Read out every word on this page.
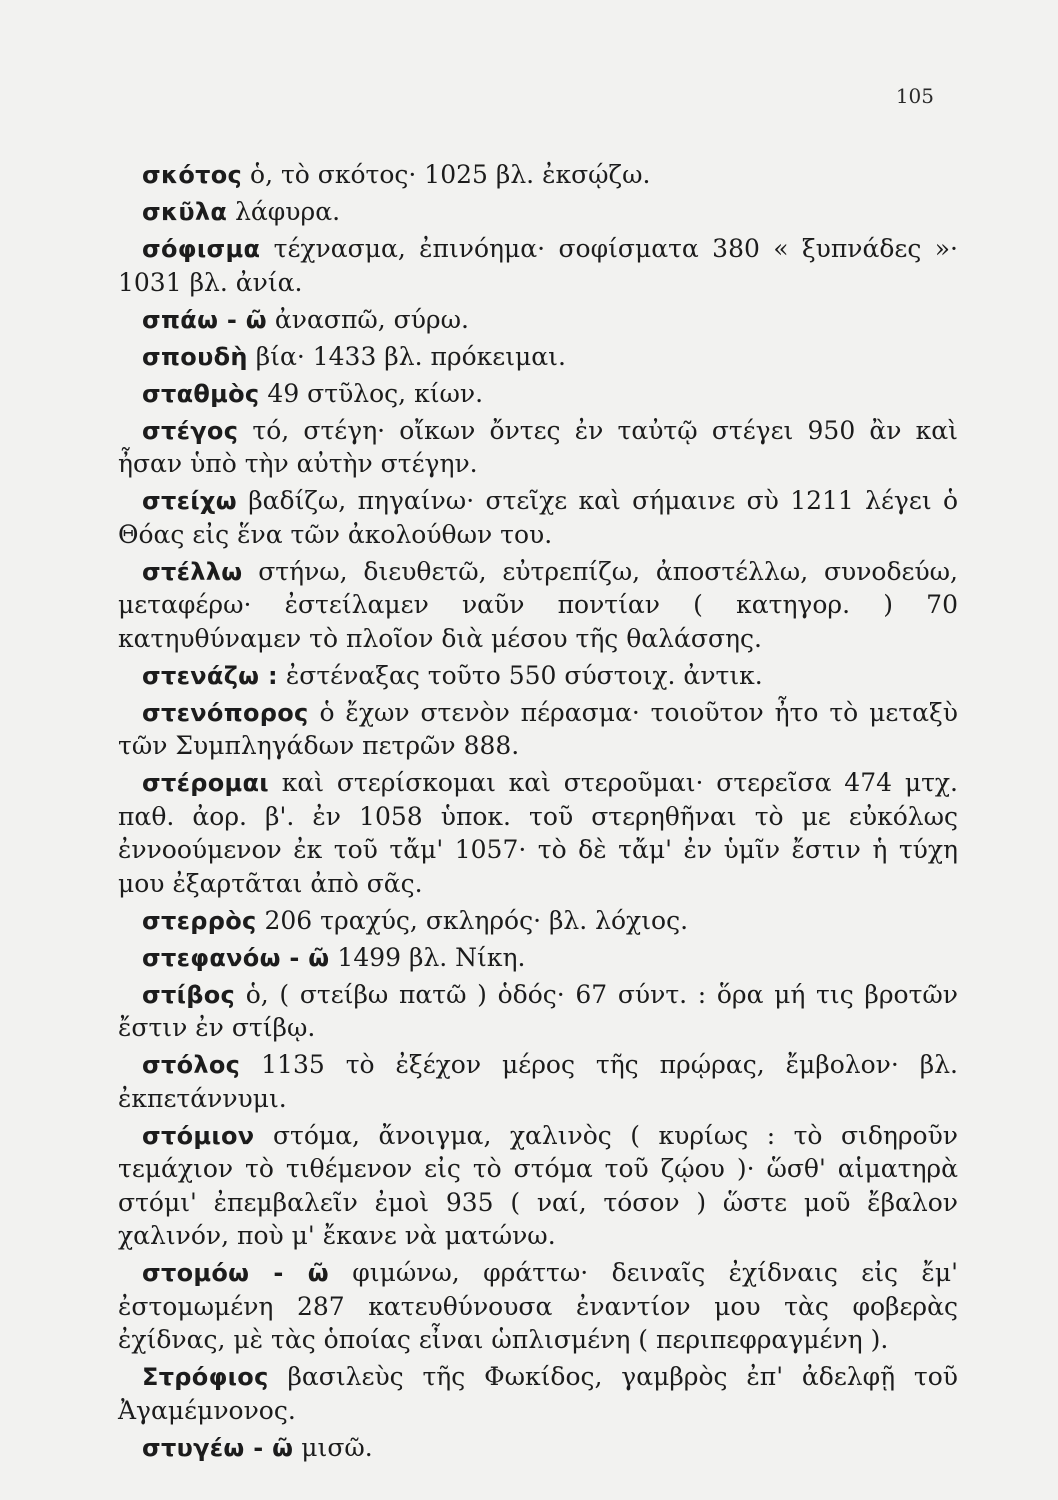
105

σκότος ὁ, τὸ σκότος· 1025 βλ. ἐκσῴζω.

σκῦλα λάφυρα.

σόφισμα τέχνασμα, ἐπινόημα· σοφίσματα 380 « ξυπνάδες »· 1031 βλ. ἀνία.

σπάω - ῶ ἀνασπῶ, σύρω.

σπουδὴ βία· 1433 βλ. πρόκειμαι.

σταθμὸς 49 στῦλος, κίων.

στέγος τό, στέγη· οἴκων ὄντες ἐν ταὐτῷ στέγει 950 ἂν καὶ ἦσαν ὑπὸ τὴν αὐτὴν στέγην.

στείχω βαδίζω, πηγαίνω· στεῖχε καὶ σήμαινε σὺ 1211 λέγει ὁ Θόας εἰς ἕνα τῶν ἀκολούθων του.

στέλλω στήνω, διευθετῶ, εὐτρεπίζω, ἀποστέλλω, συνοδεύω, μεταφέρω· ἐστείλαμεν ναῦν ποντίαν ( κατηγορ. ) 70 κατηυθύναμεν τὸ πλοῖον διὰ μέσου τῆς θαλάσσης.

στενάζω : ἐστέναξας τοῦτο 550 σύστοιχ. ἀντικ.

στενόπορος ὁ ἔχων στενὸν πέρασμα· τοιοῦτον ἦτο τὸ μεταξὺ τῶν Συμπληγάδων πετρῶν 888.

στέρομαι καὶ στερίσκομαι καὶ στεροῦμαι· στερεῖσα 474 μτχ. παθ. ἀορ. β'. ἐν 1058 ὑποκ. τοῦ στερηθῆναι τὸ με εὐκόλως ἐννοούμενον ἐκ τοῦ τἄμ' 1057· τὸ δὲ τἄμ' ἐν ὑμῖν ἔστιν ἡ τύχη μου ἐξαρτᾶται ἀπὸ σᾶς.

στερρὸς 206 τραχύς, σκληρός· βλ. λόχιος.

στεφανόω - ῶ 1499 βλ. Νίκη.

στίβος ὁ, ( στείβω πατῶ ) ὁδός· 67 σύντ. : ὅρα μή τις βροτῶν ἔστιν ἐν στίβῳ.

στόλος 1135 τὸ ἐξέχον μέρος τῆς πρῴρας, ἔμβολον· βλ. ἐκπετάννυμι.

στόμιον στόμα, ἄνοιγμα, χαλινὸς ( κυρίως : τὸ σιδηροῦν τεμάχιον τὸ τιθέμενον εἰς τὸ στόμα τοῦ ζῴου )· ὥσθ' αἱματηρὰ στόμι' ἐπεμβαλεῖν ἐμοὶ 935 ( ναί, τόσον ) ὥστε μοῦ ἔβαλον χαλινόν, ποὺ μ' ἔκανε νὰ ματώνω.

στομόω - ῶ φιμώνω, φράττω· δειναῖς ἐχίδναις εἰς ἔμ' ἐστομωμένη 287 κατευθύνουσα ἐναντίον μου τὰς φοβερὰς ἐχίδνας, μὲ τὰς ὁποίας εἶναι ὡπλισμένη ( περιπεφραγμένη ).

Στρόφιος βασιλεὺς τῆς Φωκίδος, γαμβρὸς ἐπ' ἀδελφῇ τοῦ Ἀγαμέμνονος.

στυγέω - ῶ μισῶ.
